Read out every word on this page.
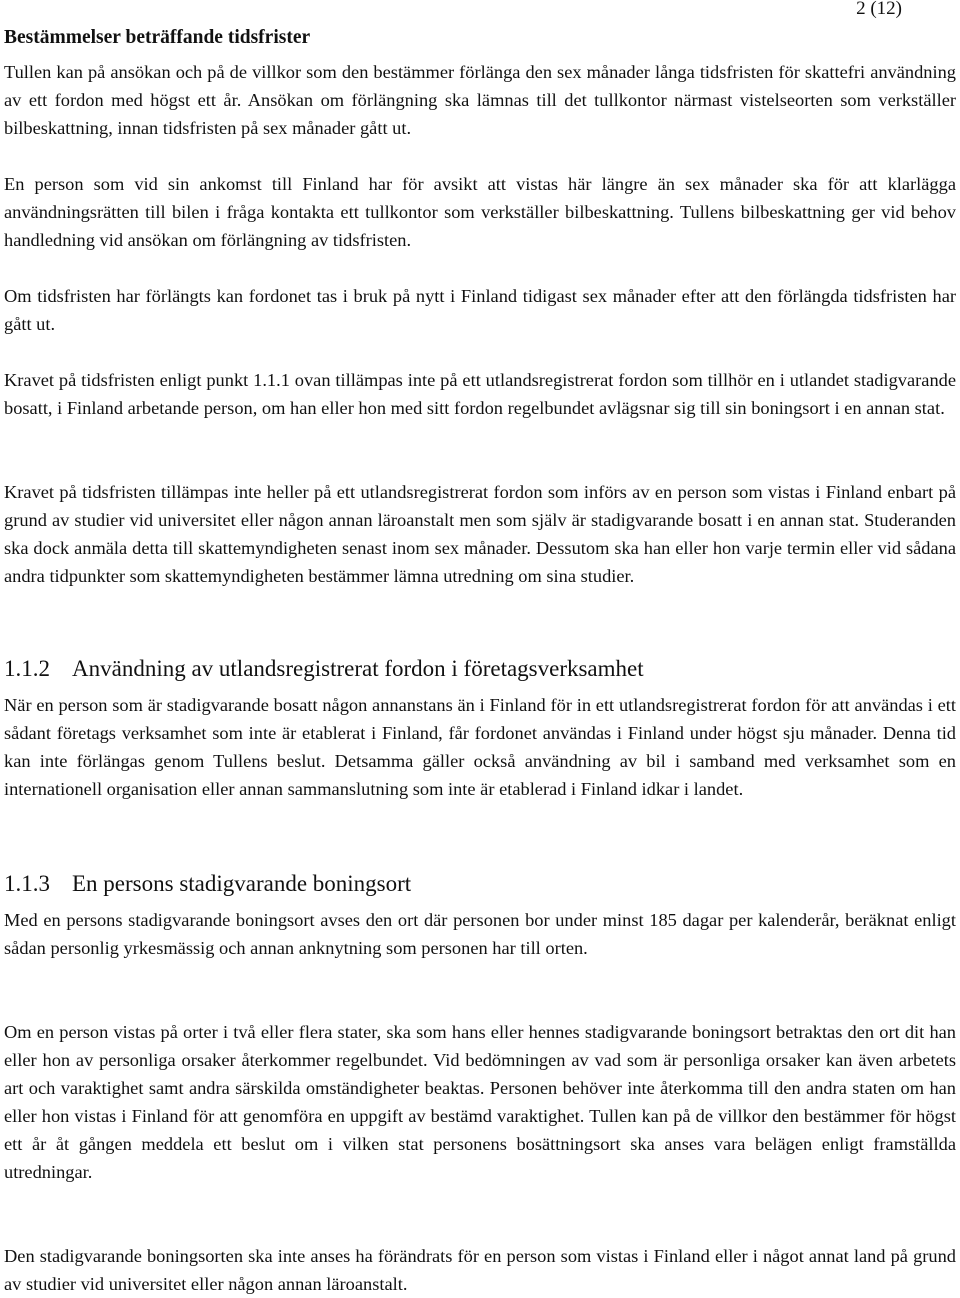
2 (12)
Bestämmelser beträffande tidsfrister

Tullen kan på ansökan och på de villkor som den bestämmer förlänga den sex månader långa tidsfristen för skattefri användning av ett fordon med högst ett år. Ansökan om förlängning ska lämnas till det tullkontor närmast vistelseorten som verkställer bilbeskattning, innan tidsfristen på sex månader gått ut.

En person som vid sin ankomst till Finland har för avsikt att vistas här längre än sex månader ska för att klarlägga användningsrätten till bilen i fråga kontakta ett tullkontor som verkställer bilbeskattning. Tullens bilbeskattning ger vid behov handledning vid ansökan om förlängning av tidsfristen.

Om tidsfristen har förlängts kan fordonet tas i bruk på nytt i Finland tidigast sex månader efter att den förlängda tidsfristen har gått ut.

Kravet på tidsfristen enligt punkt 1.1.1 ovan tillämpas inte på ett utlandsregistrerat fordon som tillhör en i utlandet stadigvarande bosatt, i Finland arbetande person, om han eller hon med sitt fordon regelbundet avlägsnar sig till sin boningsort i en annan stat.

Kravet på tidsfristen tillämpas inte heller på ett utlandsregistrerat fordon som införs av en person som vistas i Finland enbart på grund av studier vid universitet eller någon annan läroanstalt men som själv är stadigvarande bosatt i en annan stat. Studeranden ska dock anmäla detta till skattemyndigheten senast inom sex månader. Dessutom ska han eller hon varje termin eller vid sådana andra tidpunkter som skattemyndigheten bestämmer lämna utredning om sina studier.

1.1.2 Användning av utlandsregistrerat fordon i företagsverksamhet

När en person som är stadigvarande bosatt någon annanstans än i Finland för in ett utlandsregistrerat fordon för att användas i ett sådant företags verksamhet som inte är etablerat i Finland, får fordonet användas i Finland under högst sju månader. Denna tid kan inte förlängas genom Tullens beslut. Detsamma gäller också användning av bil i samband med verksamhet som en internationell organisation eller annan sammanslutning som inte är etablerad i Finland idkar i landet.

1.1.3 En persons stadigvarande boningsort

Med en persons stadigvarande boningsort avses den ort där personen bor under minst 185 dagar per kalenderår, beräknat enligt sådan personlig yrkesmässig och annan anknytning som personen har till orten.

Om en person vistas på orter i två eller flera stater, ska som hans eller hennes stadigvarande boningsort betraktas den ort dit han eller hon av personliga orsaker återkommer regelbundet. Vid bedömningen av vad som är personliga orsaker kan även arbetets art och varaktighet samt andra särskilda omständigheter beaktas. Personen behöver inte återkomma till den andra staten om han eller hon vistas i Finland för att genomföra en uppgift av bestämd varaktighet. Tullen kan på de villkor den bestämmer för högst ett år åt gången meddela ett beslut om i vilken stat personens bosättningsort ska anses vara belägen enligt framställda utredningar.

Den stadigvarande boningsorten ska inte anses ha förändrats för en person som vistas i Finland eller i något annat land på grund av studier vid universitet eller någon annan läroanstalt.
